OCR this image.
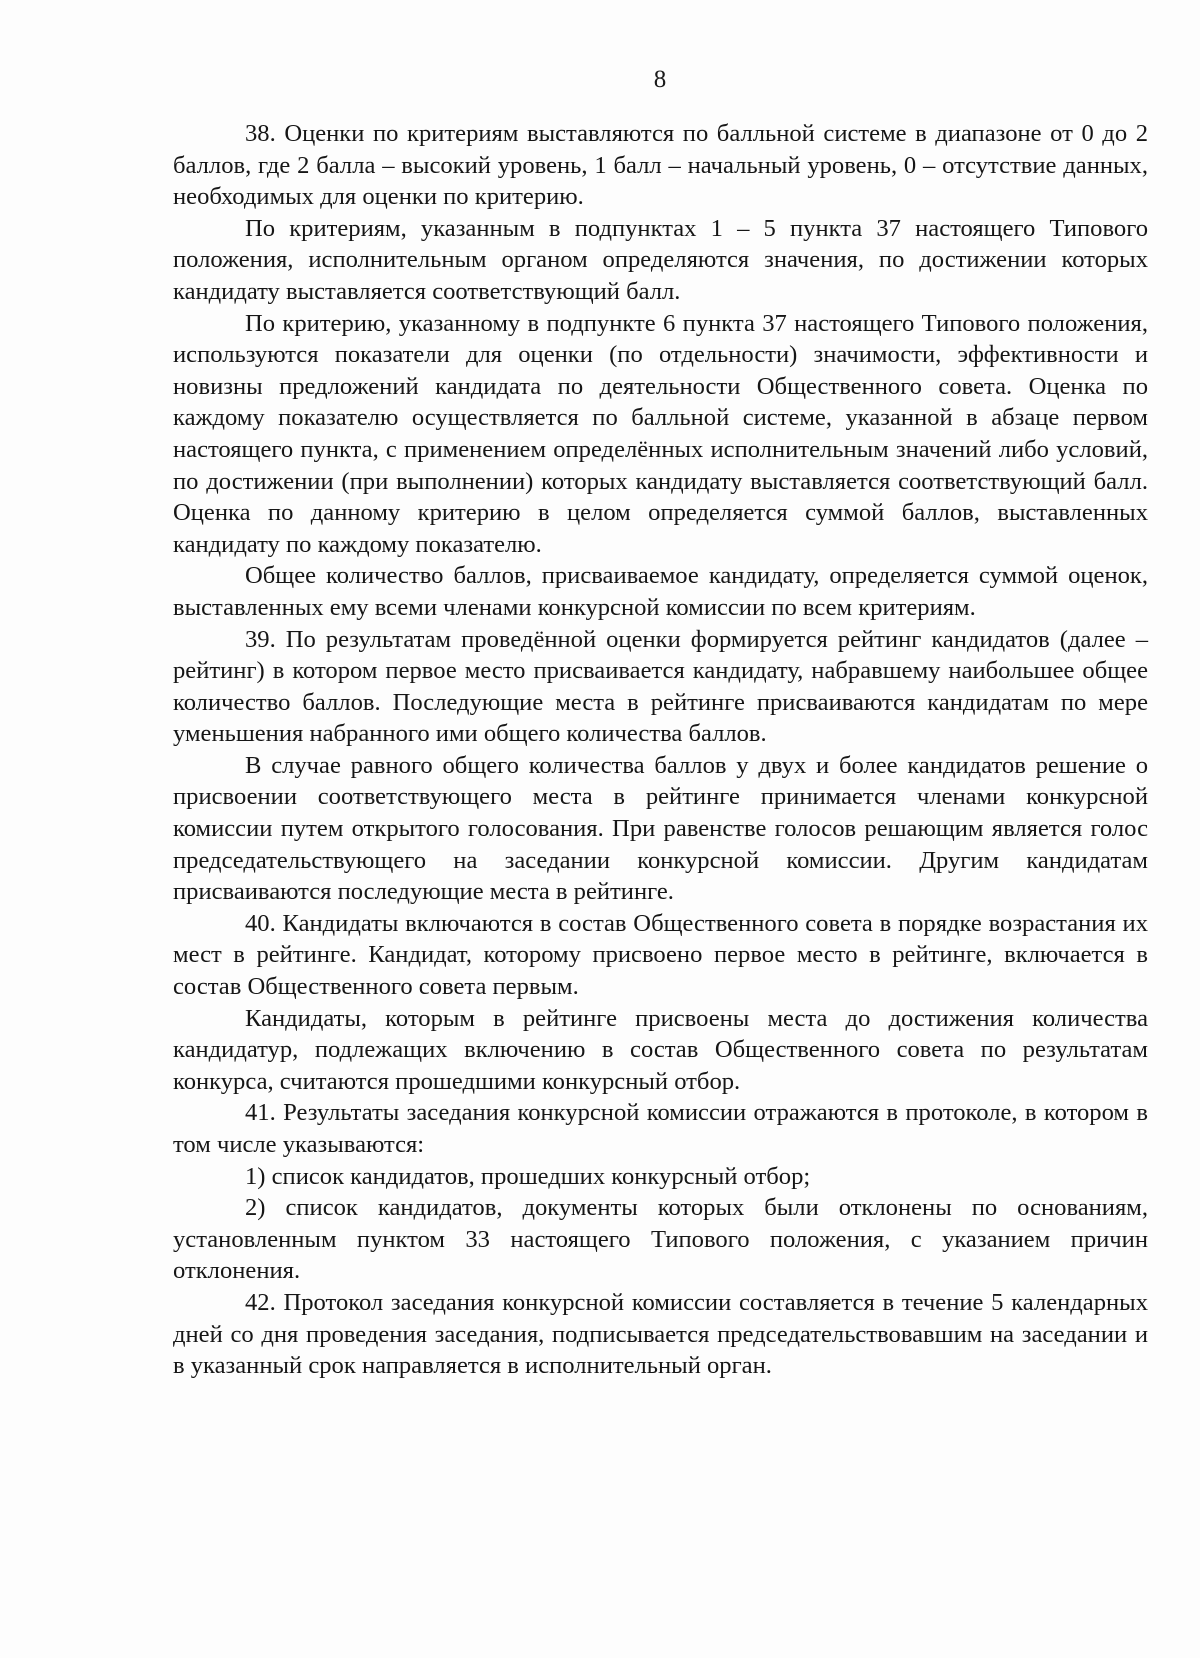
8

38. Оценки по критериям выставляются по балльной системе в диапазоне от 0 до 2 баллов, где 2 балла – высокий уровень, 1 балл – начальный уровень, 0 – отсутствие данных, необходимых для оценки по критерию.

По критериям, указанным в подпунктах 1 – 5 пункта 37 настоящего Типового положения, исполнительным органом определяются значения, по достижении которых кандидату выставляется соответствующий балл.

По критерию, указанному в подпункте 6 пункта 37 настоящего Типового положения, используются показатели для оценки (по отдельности) значимости, эффективности и новизны предложений кандидата по деятельности Общественного совета. Оценка по каждому показателю осуществляется по балльной системе, указанной в абзаце первом настоящего пункта, с применением определённых исполнительным значений либо условий, по достижении (при выполнении) которых кандидату выставляется соответствующий балл. Оценка по данному критерию в целом определяется суммой баллов, выставленных кандидату по каждому показателю.

Общее количество баллов, присваиваемое кандидату, определяется суммой оценок, выставленных ему всеми членами конкурсной комиссии по всем критериям.

39. По результатам проведённой оценки формируется рейтинг кандидатов (далее – рейтинг) в котором первое место присваивается кандидату, набравшему наибольшее общее количество баллов. Последующие места в рейтинге присваиваются кандидатам по мере уменьшения набранного ими общего количества баллов.

В случае равного общего количества баллов у двух и более кандидатов решение о присвоении соответствующего места в рейтинге принимается членами конкурсной комиссии путем открытого голосования. При равенстве голосов решающим является голос председательствующего на заседании конкурсной комиссии. Другим кандидатам присваиваются последующие места в рейтинге.

40. Кандидаты включаются в состав Общественного совета в порядке возрастания их мест в рейтинге. Кандидат, которому присвоено первое место в рейтинге, включается в состав Общественного совета первым.

Кандидаты, которым в рейтинге присвоены места до достижения количества кандидатур, подлежащих включению в состав Общественного совета по результатам конкурса, считаются прошедшими конкурсный отбор.

41. Результаты заседания конкурсной комиссии отражаются в протоколе, в котором в том числе указываются:

1) список кандидатов, прошедших конкурсный отбор;

2) список кандидатов, документы которых были отклонены по основаниям, установленным пунктом 33 настоящего Типового положения, с указанием причин отклонения.

42. Протокол заседания конкурсной комиссии составляется в течение 5 календарных дней со дня проведения заседания, подписывается председательствовавшим на заседании и в указанный срок направляется в исполнительный орган.
